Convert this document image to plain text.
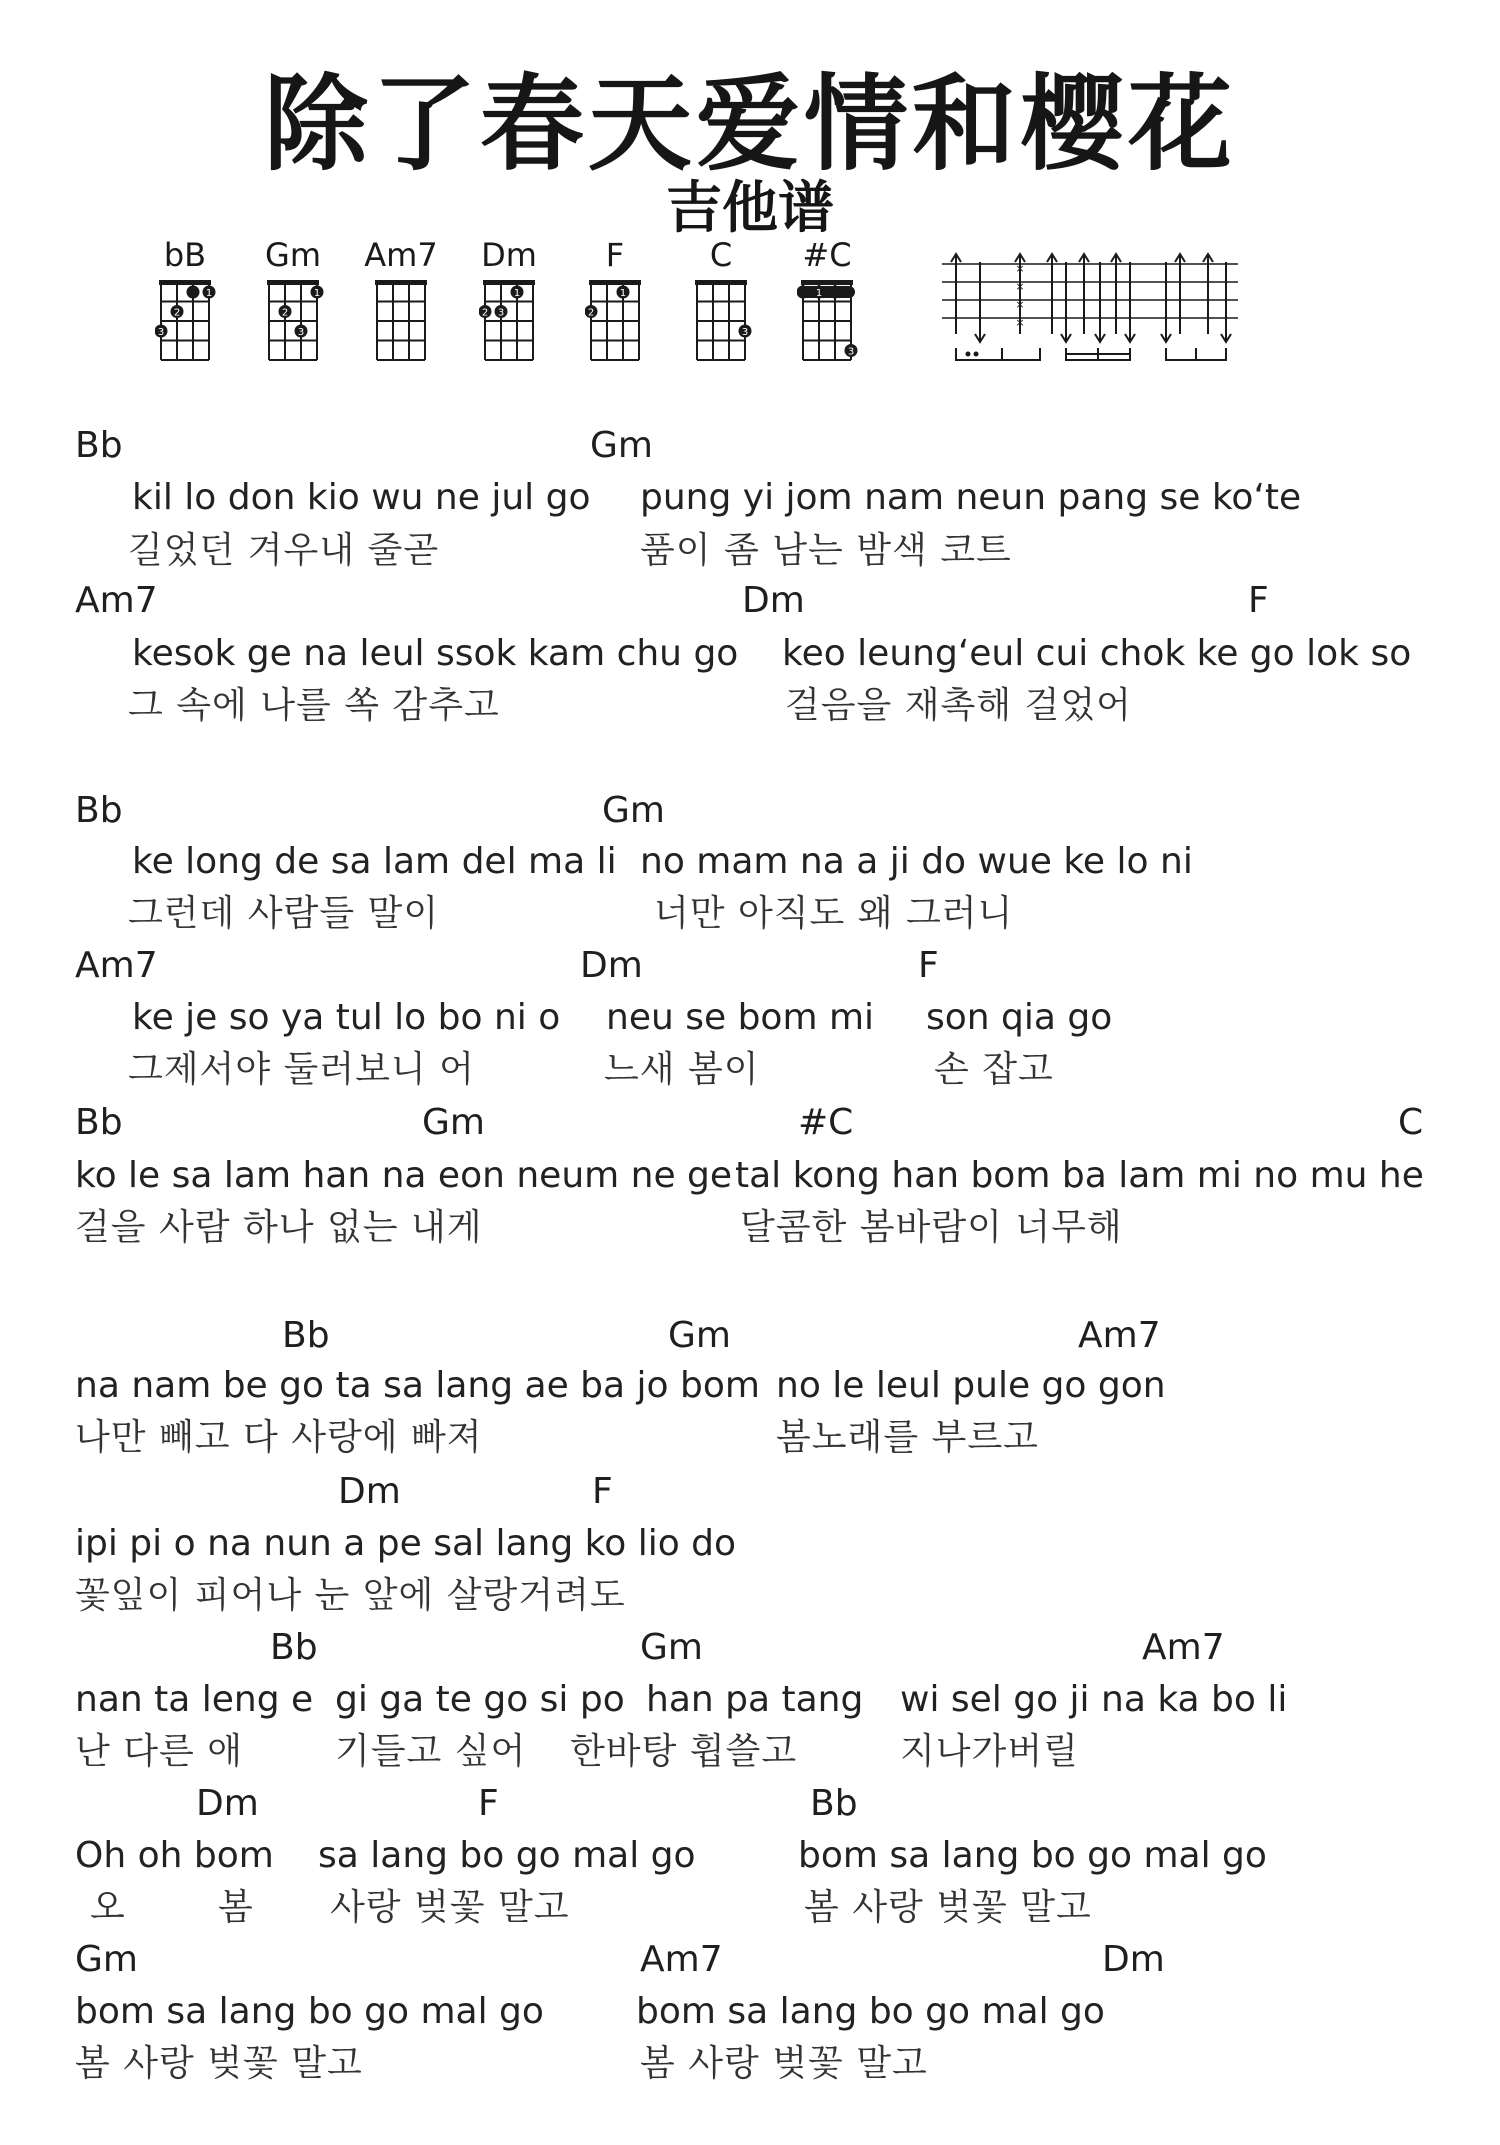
除了春天爱情和樱花
吉他谱
bB
1
2
3
Gm
1
2
3
Am7	Dm
1
2 3
F
1
2
C
3
#C
1
3
×
×
×
×
Bb	Gm
kil lo don kio wu ne jul go pung yi jom nam neun pang se ko‘te
길었던 겨우내 줄곧	품이 좀 남는 밤색 코트
Am7	Dm	F
kesok ge na leul ssok kam chu go keo leung‘eul cui chok ke go lok so
그 속에 나를 쏙 감추고	걸음을 재촉해 걸었어
Bb	Gm
ke long de sa lam del ma li no mam na a ji do wue ke lo ni
그런데 사람들 말이	너만 아직도 왜 그러니
Am7	Dm	F
ke je so ya tul lo bo ni o neu se bom mi son qia go
그제서야 둘러보니 어	느새 봄이	손 잡고
Bb	Gm	#C	C
ko le sa lam han na eon neum ne ge tal kong han bom ba lam mi no mu he
걸을 사람 하나 없는 내게	달콤한 봄바람이 너무해
Bb	Gm	Am7
na nam be go ta sa lang ae ba jo bom no le leul pule go gon
나만 빼고 다 사랑에 빠져	봄노래를 부르고
Dm	F
ipi pi o na nun a pe sal lang ko lio do
꽃잎이 피어나 눈 앞에 살랑거려도
Bb	Gm	Am7
nan ta leng e gi ga te go si po han pa tang wi sel go ji na ka bo li
난 다른 애	기들고 싶어 한바탕 휩쓸고	지나가버릴
Dm	F	Bb
Oh oh bom sa lang bo go mal go	bom sa lang bo go mal go
오	봄 사랑 벚꽃 말고	봄 사랑 벚꽃 말고
Gm	Am7	Dm
bom sa lang bo go mal go	bom sa lang bo go mal go
봄 사랑 벚꽃 말고	봄 사랑 벚꽃 말고
